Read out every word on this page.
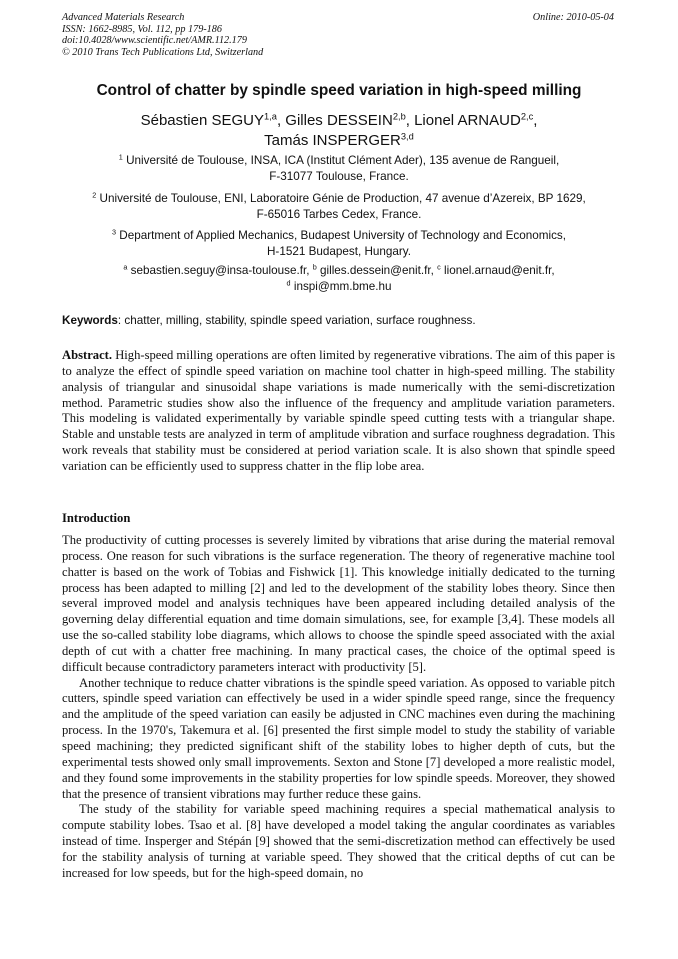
Advanced Materials Research
ISSN: 1662-8985, Vol. 112, pp 179-186
doi:10.4028/www.scientific.net/AMR.112.179
© 2010 Trans Tech Publications Ltd, Switzerland
Online: 2010-05-04
Control of chatter by spindle speed variation in high-speed milling
Sébastien SEGUY$^{1,a}$, Gilles DESSEIN$^{2,b}$, Lionel ARNAUD$^{2,c}$,
Tamás INSPERGER$^{3,d}$
$^1$ Université de Toulouse, INSA, ICA (Institut Clément Ader), 135 avenue de Rangueil,
F-31077 Toulouse, France.
$^2$ Université de Toulouse, ENI, Laboratoire Génie de Production, 47 avenue d’Azereix, BP 1629,
F-65016 Tarbes Cedex, France.
$^3$ Department of Applied Mechanics, Budapest University of Technology and Economics,
H-1521 Budapest, Hungary.
$^a$ sebastien.seguy@insa-toulouse.fr, $^b$ gilles.dessein@enit.fr, $^c$ lionel.arnaud@enit.fr,
$^d$ inspi@mm.bme.hu
Keywords: chatter, milling, stability, spindle speed variation, surface roughness.

Abstract. High-speed milling operations are often limited by regenerative vibrations. The aim of this paper is to analyze the effect of spindle speed variation on machine tool chatter in high-speed milling. The stability analysis of triangular and sinusoidal shape variations is made numerically with the semi-discretization method. Parametric studies show also the influence of the frequency and amplitude variation parameters. This modeling is validated experimentally by variable spindle speed cutting tests with a triangular shape. Stable and unstable tests are analyzed in term of amplitude vibration and surface roughness degradation. This work reveals that stability must be considered at period variation scale. It is also shown that spindle speed variation can be efficiently used to suppress chatter in the flip lobe area.

Introduction

The productivity of cutting processes is severely limited by vibrations that arise during the material removal process. One reason for such vibrations is the surface regeneration. The theory of regenerative machine tool chatter is based on the work of Tobias and Fishwick [1]. This knowledge initially dedicated to the turning process has been adapted to milling [2] and led to the development of the stability lobes theory. Since then several improved model and analysis techniques have been appeared including detailed analysis of the governing delay differential equation and time domain simulations, see, for example [3,4]. These models all use the so-called stability lobe diagrams, which allows to choose the spindle speed associated with the axial depth of cut with a chatter free machining. In many practical cases, the choice of the optimal speed is difficult because contradictory parameters interact with productivity [5].

Another technique to reduce chatter vibrations is the spindle speed variation. As opposed to variable pitch cutters, spindle speed variation can effectively be used in a wider spindle speed range, since the frequency and the amplitude of the speed variation can easily be adjusted in CNC machines even during the machining process. In the 1970's, Takemura et al. [6] presented the first simple model to study the stability of variable speed machining; they predicted significant shift of the stability lobes to higher depth of cuts, but the experimental tests showed only small improvements. Sexton and Stone [7] developed a more realistic model, and they found some improvements in the stability properties for low spindle speeds. Moreover, they showed that the presence of transient vibrations may further reduce these gains.

The study of the stability for variable speed machining requires a special mathematical analysis to compute stability lobes. Tsao et al. [8] have developed a model taking the angular coordinates as variables instead of time. Insperger and Stépán [9] showed that the semi-discretization method can effectively be used for the stability analysis of turning at variable speed. They showed that the critical depths of cut can be increased for low speeds, but for the high-speed domain, no
